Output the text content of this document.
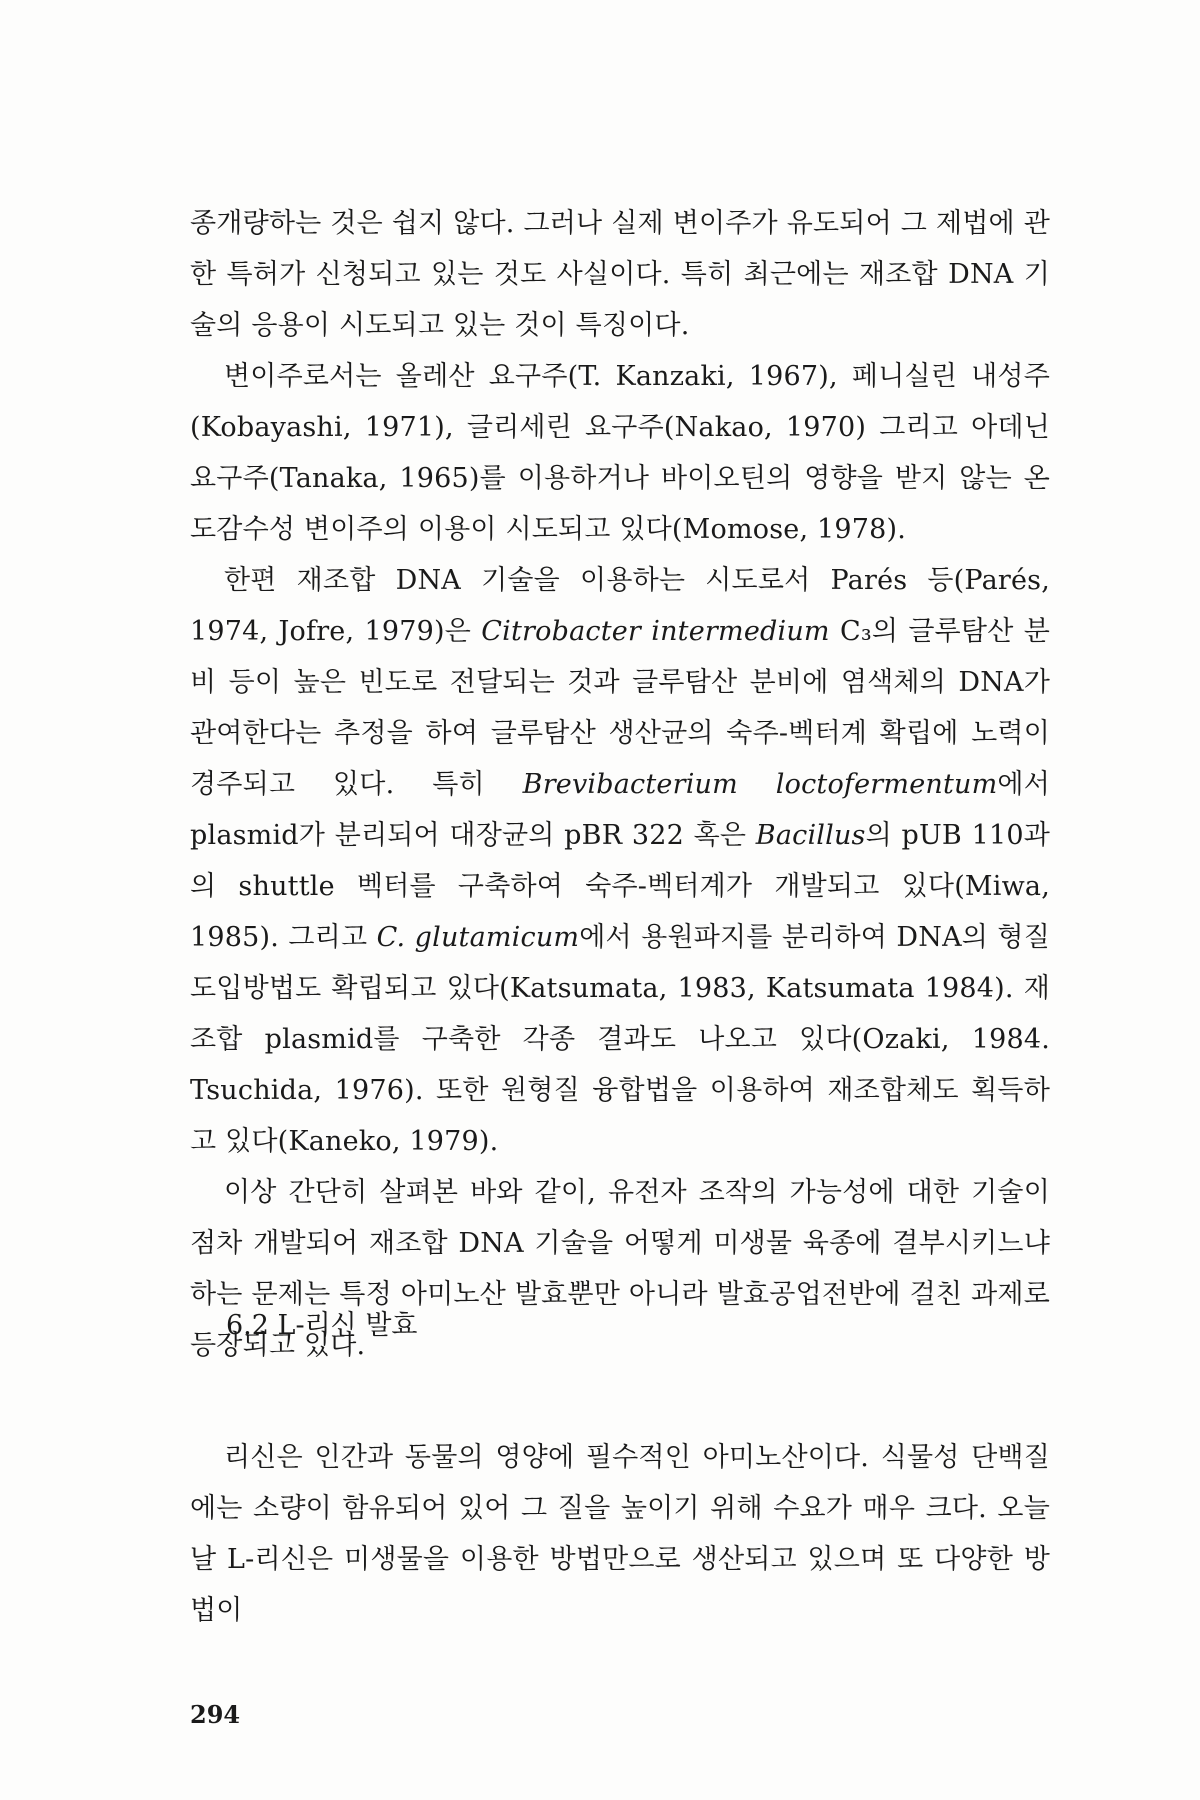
종개량하는 것은 쉽지 않다. 그러나 실제 변이주가 유도되어 그 제법에 관한 특허가 신청되고 있는 것도 사실이다. 특히 최근에는 재조합 DNA 기술의 응용이 시도되고 있는 것이 특징이다.

변이주로서는 올레산 요구주(T. Kanzaki, 1967), 페니실린 내성주(Kobayashi, 1971), 글리세린 요구주(Nakao, 1970) 그리고 아데닌 요구주(Tanaka, 1965)를 이용하거나 바이오틴의 영향을 받지 않는 온도감수성 변이주의 이용이 시도되고 있다(Momose, 1978).

한편 재조합 DNA 기술을 이용하는 시도로서 Parés 등(Parés, 1974, Jofre, 1979)은 Citrobacter intermedium C₃의 글루탐산 분비 등이 높은 빈도로 전달되는 것과 글루탐산 분비에 염색체의 DNA가 관여한다는 추정을 하여 글루탐산 생산균의 숙주-벡터계 확립에 노력이 경주되고 있다. 특히 Brevibacterium loctofermentum에서 plasmid가 분리되어 대장균의 pBR 322 혹은 Bacillus의 pUB 110과의 shuttle 벡터를 구축하여 숙주-벡터계가 개발되고 있다(Miwa, 1985). 그리고 C. glutamicum에서 용원파지를 분리하여 DNA의 형질도입방법도 확립되고 있다(Katsumata, 1983, Katsumata 1984). 재조합 plasmid를 구축한 각종 결과도 나오고 있다(Ozaki, 1984. Tsuchida, 1976). 또한 원형질 융합법을 이용하여 재조합체도 획득하고 있다(Kaneko, 1979).

이상 간단히 살펴본 바와 같이, 유전자 조작의 가능성에 대한 기술이 점차 개발되어 재조합 DNA 기술을 어떻게 미생물 육종에 결부시키느냐 하는 문제는 특정 아미노산 발효뿐만 아니라 발효공업전반에 걸친 과제로 등장되고 있다.

6.2 L-리신 발효

리신은 인간과 동물의 영양에 필수적인 아미노산이다. 식물성 단백질에는 소량이 함유되어 있어 그 질을 높이기 위해 수요가 매우 크다. 오늘날 L-리신은 미생물을 이용한 방법만으로 생산되고 있으며 또 다양한 방법이

294
